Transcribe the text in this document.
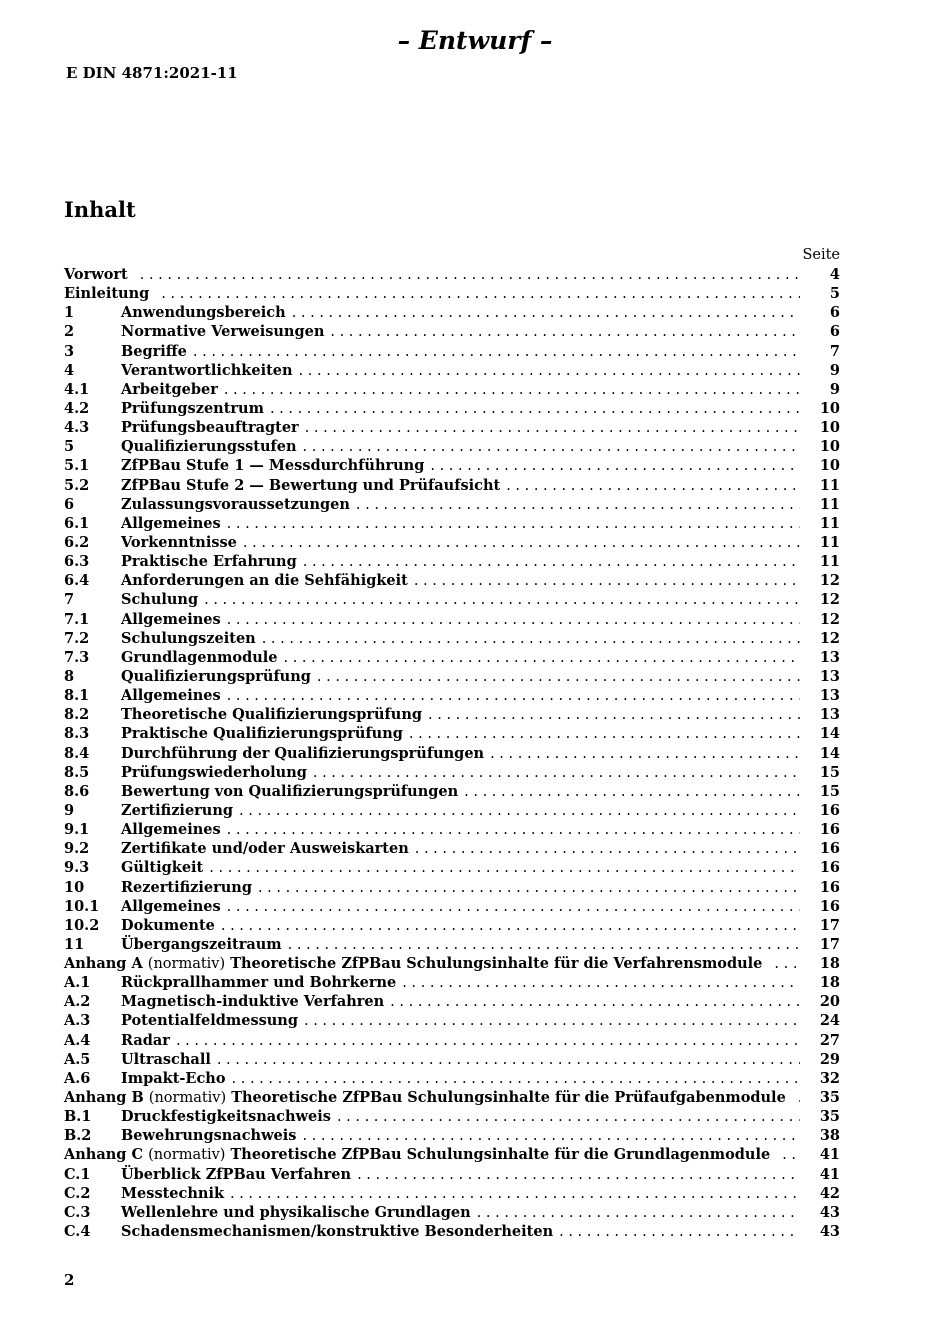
– Entwurf –
E DIN 4871:2021-11
Inhalt
Seite
Vorwort . . .	4
Einleitung . . .	5
1	Anwendungsbereich . . .	6
2	Normative Verweisungen . . .	6
3	Begriffe . . .	7
4	Verantwortlichkeiten . . .	9
4.1	Arbeitgeber . . .	9
4.2	Prüfungszentrum . . .	10
4.3	Prüfungsbeauftragter . . .	10
5	Qualifizierungsstufen . . .	10
5.1	ZfPBau Stufe 1 — Messdurchführung . . .	10
5.2	ZfPBau Stufe 2 — Bewertung und Prüfaufsicht . . .	11
6	Zulassungsvoraussetzungen . . .	11
6.1	Allgemeines . . .	11
6.2	Vorkenntnisse . . .	11
6.3	Praktische Erfahrung . . .	11
6.4	Anforderungen an die Sehfähigkeit . . .	12
7	Schulung . . .	12
7.1	Allgemeines . . .	12
7.2	Schulungszeiten . . .	12
7.3	Grundlagenmodule . . .	13
8	Qualifizierungsprüfung . . .	13
8.1	Allgemeines . . .	13
8.2	Theoretische Qualifizierungsprüfung . . .	13
8.3	Praktische Qualifizierungsprüfung . . .	14
8.4	Durchführung der Qualifizierungsprüfungen . . .	14
8.5	Prüfungswiederholung . . .	15
8.6	Bewertung von Qualifizierungsprüfungen . . .	15
9	Zertifizierung . . .	16
9.1	Allgemeines . . .	16
9.2	Zertifikate und/oder Ausweiskarten . . .	16
9.3	Gültigkeit . . .	16
10	Rezertifizierung . . .	16
10.1	Allgemeines . . .	16
10.2	Dokumente . . .	17
11	Übergangszeitraum . . .	17
Anhang A (normativ) Theoretische ZfPBau Schulungsinhalte für die Verfahrensmodule . . .	18
A.1	Rückprallhammer und Bohrkerne . . .	18
A.2	Magnetisch-induktive Verfahren . . .	20
A.3	Potentialfeldmessung . . .	24
A.4	Radar . . .	27
A.5	Ultraschall . . .	29
A.6	Impakt-Echo . . .	32
Anhang B (normativ) Theoretische ZfPBau Schulungsinhalte für die Prüfaufgabenmodule . . .	35
B.1	Druckfestigkeitsnachweis . . .	35
B.2	Bewehrungsnachweis . . .	38
Anhang C (normativ) Theoretische ZfPBau Schulungsinhalte für die Grundlagenmodule . . .	41
C.1	Überblick ZfPBau Verfahren . . .	41
C.2	Messtechnik . . .	42
C.3	Wellenlehre und physikalische Grundlagen . . .	43
C.4	Schadensmechanismen/konstruktive Besonderheiten . . .	43
2
